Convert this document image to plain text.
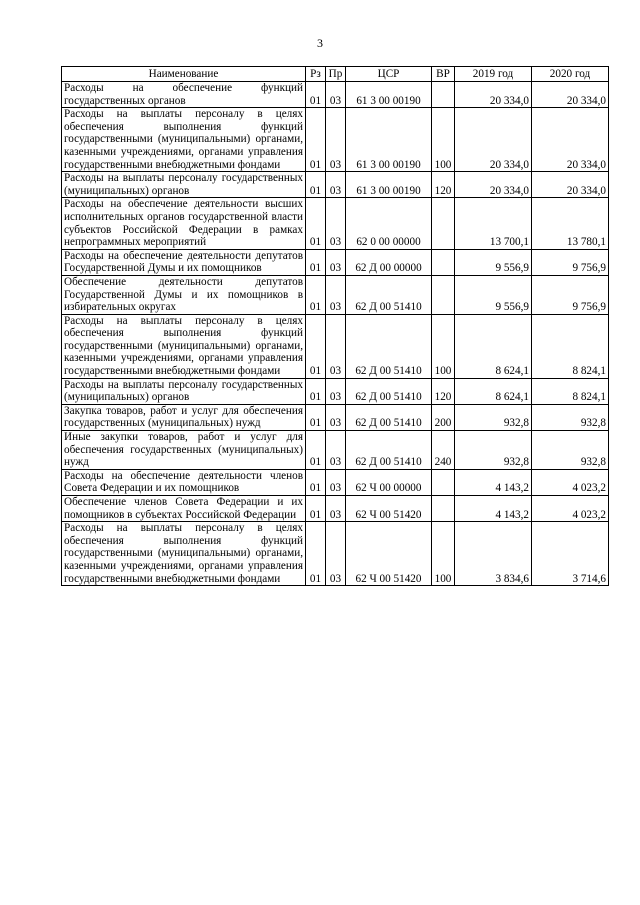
3
Наименование	Рз	Пр	ЦСР	ВР	2019 год	2020 год
Расходы на обеспечение функций государственных органов	01	03	61 3 00 00190		20 334,0	20 334,0
Расходы на выплаты персоналу в целях обеспечения выполнения функций государственными (муниципальными) органами, казенными учреждениями, органами управления государственными внебюджетными фондами	01	03	61 3 00 00190	100	20 334,0	20 334,0
Расходы на выплаты персоналу государственных (муниципальных) органов	01	03	61 3 00 00190	120	20 334,0	20 334,0
Расходы на обеспечение деятельности высших исполнительных органов государственной власти субъектов Российской Федерации в рамках непрограммных мероприятий	01	03	62 0 00 00000		13 700,1	13 780,1
Расходы на обеспечение деятельности депутатов Государственной Думы и их помощников	01	03	62 Д 00 00000		9 556,9	9 756,9
Обеспечение деятельности депутатов Государственной Думы и их помощников в избирательных округах	01	03	62 Д 00 51410		9 556,9	9 756,9
Расходы на выплаты персоналу в целях обеспечения выполнения функций государственными (муниципальными) органами, казенными учреждениями, органами управления государственными внебюджетными фондами	01	03	62 Д 00 51410	100	8 624,1	8 824,1
Расходы на выплаты персоналу государственных (муниципальных) органов	01	03	62 Д 00 51410	120	8 624,1	8 824,1
Закупка товаров, работ и услуг для обеспечения государственных (муниципальных) нужд	01	03	62 Д 00 51410	200	932,8	932,8
Иные закупки товаров, работ и услуг для обеспечения государственных (муниципальных) нужд	01	03	62 Д 00 51410	240	932,8	932,8
Расходы на обеспечение деятельности членов Совета Федерации и их помощников	01	03	62 Ч 00 00000		4 143,2	4 023,2
Обеспечение членов Совета Федерации и их помощников в субъектах Российской Федерации	01	03	62 Ч 00 51420		4 143,2	4 023,2
Расходы на выплаты персоналу в целях обеспечения выполнения функций государственными (муниципальными) органами, казенными учреждениями, органами управления государственными внебюджетными фондами	01	03	62 Ч 00 51420	100	3 834,6	3 714,6
